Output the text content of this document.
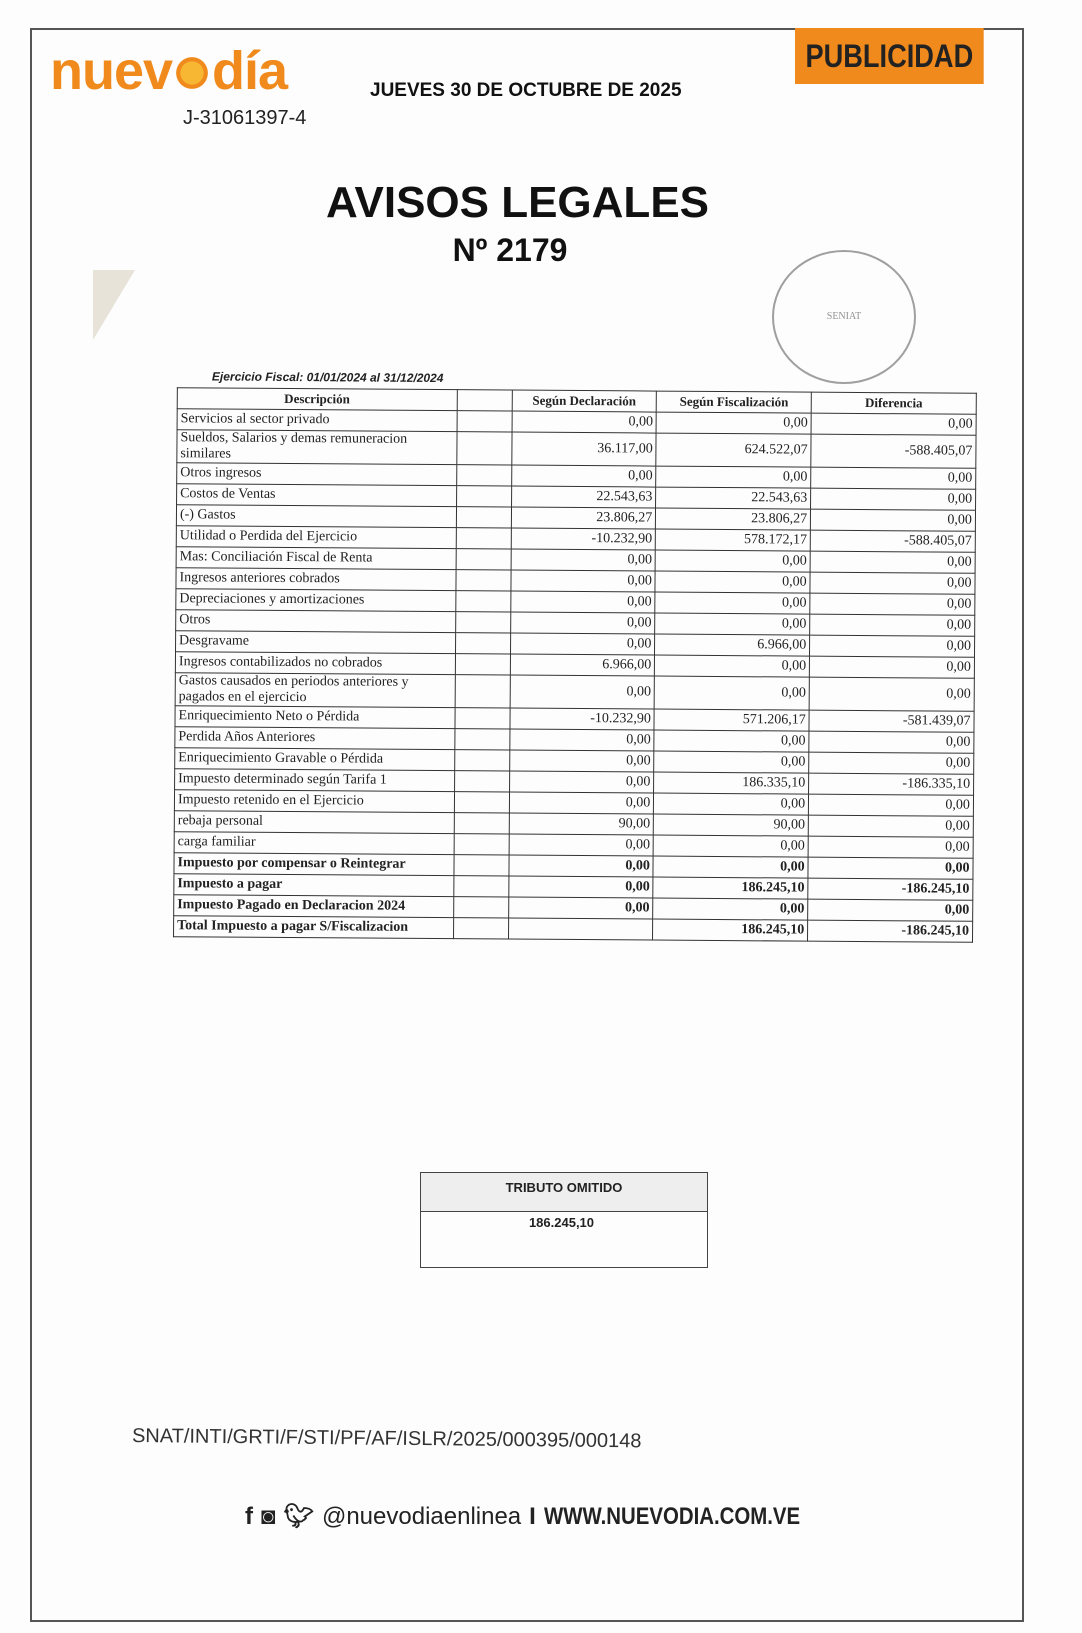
nuev día
J-31061397-4
JUEVES 30 DE OCTUBRE DE 2025
PUBLICIDAD
AVISOS LEGALES
Nº 2179
SENIAT
Ejercicio Fiscal: 01/01/2024 al 31/12/2024
Descripción		Según Declaración	Según Fiscalización	Diferencia
Servicios al sector privado		0,00	0,00	0,00
Sueldos, Salarios y demas remuneracion similares		36.117,00	624.522,07	-588.405,07
Otros ingresos		0,00	0,00	0,00
Costos de Ventas		22.543,63	22.543,63	0,00
(-) Gastos		23.806,27	23.806,27	0,00
Utilidad o Perdida del Ejercicio		-10.232,90	578.172,17	-588.405,07
Mas: Conciliación Fiscal de Renta		0,00	0,00	0,00
Ingresos anteriores cobrados		0,00	0,00	0,00
Depreciaciones y amortizaciones		0,00	0,00	0,00
Otros		0,00	0,00	0,00
Desgravame		0,00	6.966,00	0,00
Ingresos contabilizados no cobrados		6.966,00	0,00	0,00
Gastos causados en periodos anteriores y pagados en el ejercicio		0,00	0,00	0,00
Enriquecimiento Neto o Pérdida		-10.232,90	571.206,17	-581.439,07
Perdida Años Anteriores		0,00	0,00	0,00
Enriquecimiento Gravable o Pérdida		0,00	0,00	0,00
Impuesto determinado según Tarifa 1		0,00	186.335,10	-186.335,10
Impuesto retenido en el Ejercicio		0,00	0,00	0,00
rebaja personal		90,00	90,00	0,00
carga familiar		0,00	0,00	0,00
Impuesto por compensar o Reintegrar		0,00	0,00	0,00
Impuesto a pagar		0,00	186.245,10	-186.245,10
Impuesto Pagado en Declaracion 2024		0,00	0,00	0,00
Total Impuesto a pagar S/Fiscalizacion			186.245,10	-186.245,10
TRIBUTO OMITIDO
186.245,10
SNAT/INTI/GRTI/F/STI/PF/AF/ISLR/2025/000395/000148
f ◙ 🐦︎ @nuevodiaenlinea I WWW.NUEVODIA.COM.VE
